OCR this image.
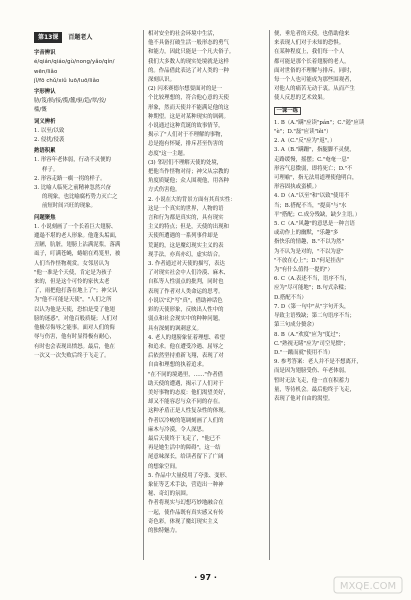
第13课	百题老人
字音辨识
é/qián/qiáo/gù/nong/yǎo/qín/
wēn/liǎo
jǐ/fō chǔ/xiǔ luō/luō/liǎo
字形辨认
胁/笈/损/接/揽/麓/驱/趋/翠/狡/
槛/慨
词义辨析
1. 以至/以致
2. 侵扰/侵袭
熟语积累
1. 形容年老体弱，行动不灵便的
样子。
2. 形容走路一瘸一拐的样子。
3. 比喻人临死之前精神忽然兴奋
的现象，也比喻腐朽势力灭亡之
前短时间兴旺的现象。
问题聚焦
1. 小说刻画了一个长着巨大翅膀、
邋遢不堪的老人形象。他蓬头垢面，
丑陋，肮脏，翅膀上沾满泥浆，落满
虱子，叮满苍蝇，蜷缩在鸡笼里，被
人们当作怪物观赏。女邻居认为
"他一准是个天使，肯定是为孩子
来的，但是这个可怜的家伙太老
了，雨把他打落在地上了"；神父认
为"他不可能是天使"，"人们之所
以认为他是天使，恐怕是受了他翅
膀的迷惑"，对他百般质疑；人们对
他极尽侮辱之能事。面对人们的侮
辱与伤害，他有时显得极有耐心，
有时也会表现出愤怒。最后，他在
一次又一次失败后终于飞走了。
相对安全的社会环境中生活，
他不具备打破生活一般形态的勇气
和能力，因此只能是一个凡夫俗子。
我们大多数人的现实处境就是这样
的。作品借此表达了对人类的一种
深刻认识。
(2) 闪米赛德尔想要面对的是一
个比较理想的，符合他心意的天使
形象，然而天使并不能满足他的这
种期望。这是对某种现实的讽刺。
小说通过这种荒诞的故事情节，
揭示了"人们对于不理解的事物，
总是抱有怀疑，排斥甚至伤害的
态度"这一主题。
(3) 邻居们不理解天使的处境，
把他当作怪物对待；神父从宗教的
角度质疑他；众人围观他，用各种
方式伤害他。
2. 小说在大的背景方面有其真实性：
这是一个真实的世界，人物的语
言和行为都是真实的，具有现实
主义的特点；但是，天使的出现和
天使所遭遇的一系列事件却是
荒诞的，这是魔幻现实主义的表
现手法，亦真亦幻，虚实结合。
3. 作者通过对天使的描写，表达
了对现实社会中人们冷漠、麻木、
自私等人性弱点的批判，同时也
表现了作者对人类命运的思考。
小说以"幻"写"真"，借助神话色
彩的天使形象，反映出人性中的
弱点和社会现实中的种种问题，
具有深刻的讽刺意义。
4. 老人的翅膀象征着理想、希望
和追求。他在遭受冷遇、屈辱之
后依然坚持重新飞翔，表现了对
自由和理想的执着追求。
"在不同的境遇里，……"作者借
助天使的遭遇，揭示了人们对于
美好事物的态度：他们渴望美好，
却又不能容忍与众不同的存在。
这种矛盾正是人性复杂性的体现。
作者以冷峻的笔调刻画了人们的
麻木与冷漠，令人深思。
最后天使终于飞走了，"他已不
再是她生活中的障碍"，这一结
尾意味深长，给读者留下了广阔
的想象空间。
5. 作品中大量使用了夸张、变形、
象征等艺术手法，营造出一种神
秘、奇幻的氛围。
作者将现实与幻想巧妙地融合在
一起，使作品既有真实感又有传
奇色彩，体现了魔幻现实主义
的独特魅力。
便，垂危者的天使，也借助他来
来表现人们对于未知的恐惧。
在某种程度上，我们每一个人
都可能是那个长着翅膀的老人，
面对世俗的不理解与排斥。同时，
每一个人也可能成为那些围观者，
对他人的痛苦无动于衷。从而产生
使人反思的艺术效果。
一课一练
1. B（A."蹒"应读"pán"；C."遏"应读
"è"；D."磊"应读"lěi"）
2. A（C."反"应为"返"。）
3. A（B."蹒跚"，指腿脚不灵便，
走路缓慢，摇摆；C."奄奄一息"
形容气息微弱，即将死亡；D."不
可理喻"，指无法用道理使他明白，
形容固执或蛮横。）
4. D（A."以至"和"以致"使用不
当；B.搭配不当，"提高"与"水
平"搭配；C.成分残缺，缺少主语。）
5. C（A."风趣"的意思是一种言语
或动作上的幽默，"乐趣"多
指快乐的情趣，B."不以为然"
为不认为是对的，"不以为意"
"不放在心上"；D."何足挂齿"
为"有什么值得一提的"）
6. C（A.表述不当，语序不当，
应为"尽可能地"；B.句式杂糅；
D.搭配不当）
7. D（第一句中"从"字句开头，
导致主语残缺；第二句语序不当；
第三句成分赘余）
8. B（A."欢度"应为"度过"；
C."熟视无睹"应为"司空见惯"；
D."一蹴而就"使用不当）
9. 参考答案：老人并不是不想离开，
而是因为翅膀受伤、年老体弱，
暂时无法飞走，他一直在积蓄力
量，等待机会。最后他终于飞走，
表现了他对自由的渴望。
· 97 ·
MXQE.COM
